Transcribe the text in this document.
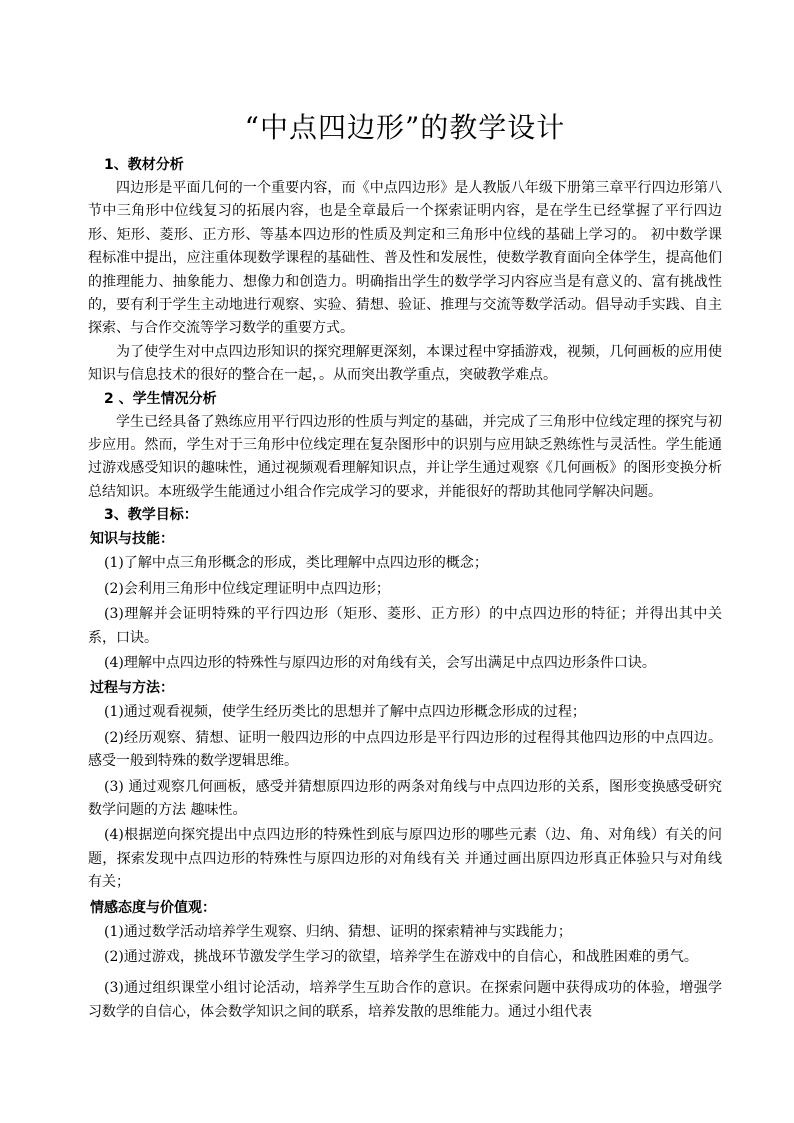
“中点四边形”的教学设计

1、教材分析

四边形是平面几何的一个重要内容，而《中点四边形》是人教版八年级下册第三章平行四边形第八节中三角形中位线复习的拓展内容，也是全章最后一个探索证明内容，是在学生已经掌握了平行四边形、矩形、菱形、正方形、等基本四边形的性质及判定和三角形中位线的基础上学习的。 初中数学课程标准中提出，应注重体现数学课程的基础性、普及性和发展性，使数学教育面向全体学生，提高他们的推理能力、抽象能力、想像力和创造力。明确指出学生的数学学习内容应当是有意义的、富有挑战性的，要有利于学生主动地进行观察、实验、猜想、验证、推理与交流等数学活动。倡导动手实践、自主探索、与合作交流等学习数学的重要方式。

为了使学生对中点四边形知识的探究理解更深刻，本课过程中穿插游戏，视频，几何画板的应用使知识与信息技术的很好的整合在一起，。从而突出教学重点，突破教学难点。

2 、学生情况分析

学生已经具备了熟练应用平行四边形的性质与判定的基础，并完成了三角形中位线定理的探究与初步应用。然而，学生对于三角形中位线定理在复杂图形中的识别与应用缺乏熟练性与灵活性。学生能通过游戏感受知识的趣味性，通过视频观看理解知识点，并让学生通过观察《几何画板》的图形变换分析总结知识。本班级学生能通过小组合作完成学习的要求，并能很好的帮助其他同学解决问题。

3、教学目标：

知识与技能：

(1)了解中点三角形概念的形成，类比理解中点四边形的概念；

(2)会利用三角形中位线定理证明中点四边形；

(3)理解并会证明特殊的平行四边形（矩形、菱形、正方形）的中点四边形的特征；并得出其中关系，口诀。

(4)理解中点四边形的特殊性与原四边形的对角线有关，会写出满足中点四边形条件口诀。

过程与方法：

(1)通过观看视频，使学生经历类比的思想并了解中点四边形概念形成的过程；

(2)经历观察、猜想、证明一般四边形的中点四边形是平行四边形的过程得其他四边形的中点四边。感受一般到特殊的数学逻辑思维。

(3) 通过观察几何画板，感受并猜想原四边形的两条对角线与中点四边形的关系，图形变换感受研究数学问题的方法 趣味性。

(4)根据逆向探究提出中点四边形的特殊性到底与原四边形的哪些元素（边、角、对角线）有关的问题，探索发现中点四边形的特殊性与原四边形的对角线有关 并通过画出原四边形真正体验只与对角线有关；

情感态度与价值观：

(1)通过数学活动培养学生观察、归纳、猜想、证明的探索精神与实践能力；

(2)通过游戏，挑战环节激发学生学习的欲望，培养学生在游戏中的自信心，和战胜困难的勇气。

(3)通过组织课堂小组讨论活动，培养学生互助合作的意识。在探索问题中获得成功的体验，增强学习数学的自信心，体会数学知识之间的联系，培养发散的思维能力。通过小组代表
